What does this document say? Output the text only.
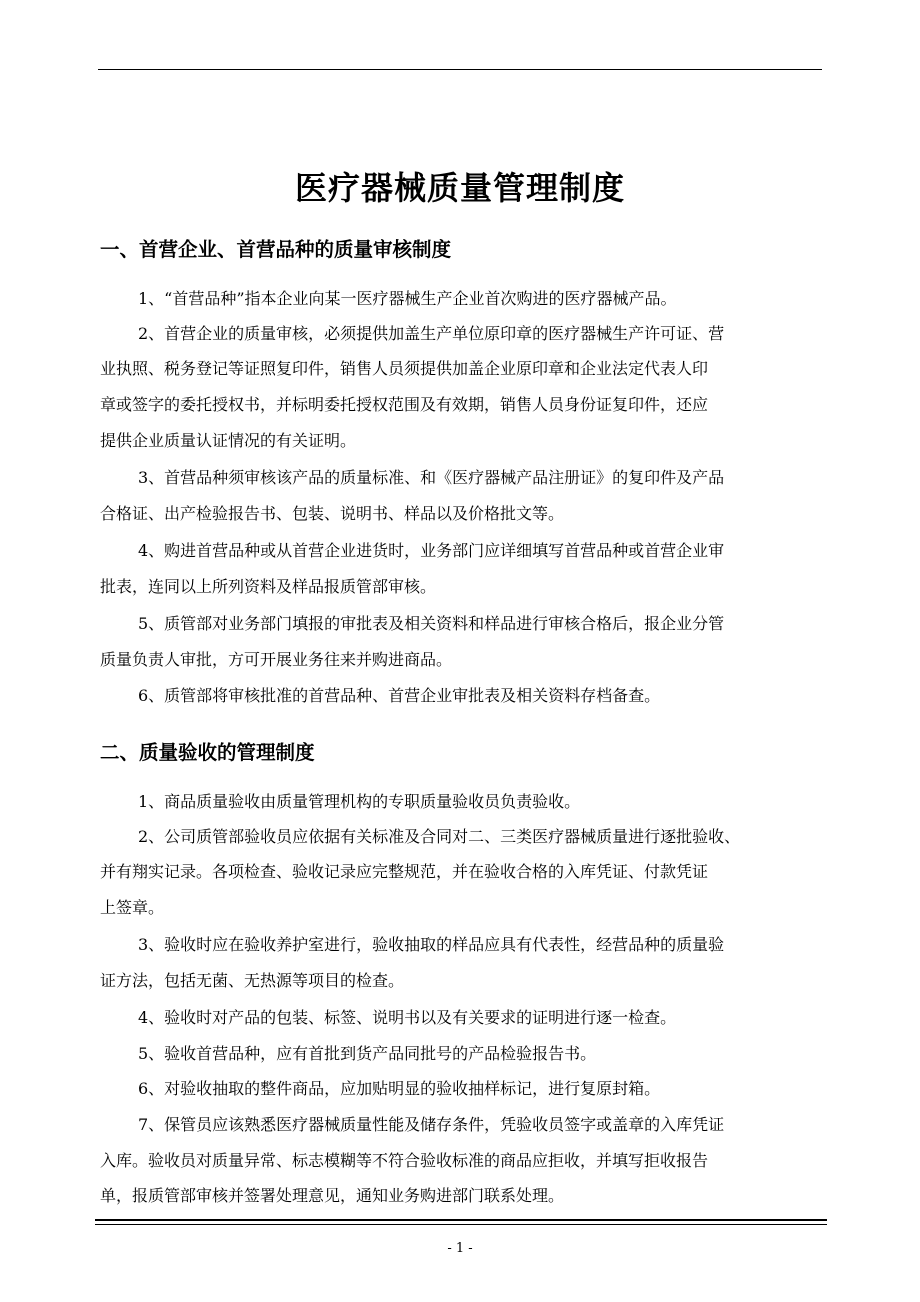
医疗器械质量管理制度
一、首营企业、首营品种的质量审核制度

1、“首营品种”指本企业向某一医疗器械生产企业首次购进的医疗器械产品。

2、首营企业的质量审核，必须提供加盖生产单位原印章的医疗器械生产许可证、营

业执照、税务登记等证照复印件，销售人员须提供加盖企业原印章和企业法定代表人印

章或签字的委托授权书，并标明委托授权范围及有效期，销售人员身份证复印件，还应

提供企业质量认证情况的有关证明。

3、首营品种须审核该产品的质量标准、和《医疗器械产品注册证》的复印件及产品

合格证、出产检验报告书、包装、说明书、样品以及价格批文等。

4、购进首营品种或从首营企业进货时，业务部门应详细填写首营品种或首营企业审

批表，连同以上所列资料及样品报质管部审核。

5、质管部对业务部门填报的审批表及相关资料和样品进行审核合格后，报企业分管

质量负责人审批，方可开展业务往来并购进商品。

6、质管部将审核批准的首营品种、首营企业审批表及相关资料存档备查。

二、质量验收的管理制度

1、商品质量验收由质量管理机构的专职质量验收员负责验收。

2、公司质管部验收员应依据有关标准及合同对二、三类医疗器械质量进行逐批验收、

并有翔实记录。各项检查、验收记录应完整规范，并在验收合格的入库凭证、付款凭证

上签章。

3、验收时应在验收养护室进行，验收抽取的样品应具有代表性，经营品种的质量验

证方法，包括无菌、无热源等项目的检查。

4、验收时对产品的包装、标签、说明书以及有关要求的证明进行逐一检查。

5、验收首营品种，应有首批到货产品同批号的产品检验报告书。

6、对验收抽取的整件商品，应加贴明显的验收抽样标记，进行复原封箱。

7、保管员应该熟悉医疗器械质量性能及储存条件，凭验收员签字或盖章的入库凭证

入库。验收员对质量异常、标志模糊等不符合验收标准的商品应拒收，并填写拒收报告

单，报质管部审核并签署处理意见，通知业务购进部门联系处理。

- 1 -
